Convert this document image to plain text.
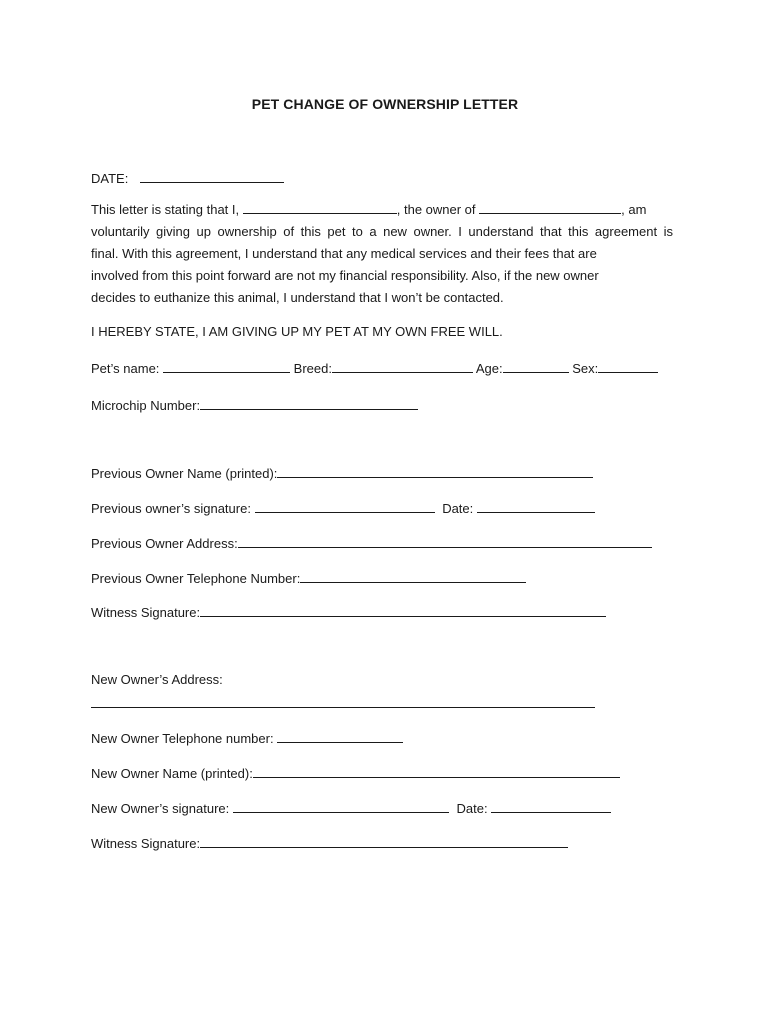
PET CHANGE OF OWNERSHIP LETTER
DATE:
This letter is stating that I,	, the owner of	, am
voluntarily giving up ownership of this pet to a new owner. I understand that this agreement is
final. With this agreement, I understand that any medical services and their fees that are
involved from this point forward are not my financial responsibility. Also, if the new owner
decides to euthanize this animal, I understand that I won’t be contacted.
I HEREBY STATE, I AM GIVING UP MY PET AT MY OWN FREE WILL.
Pet’s name:	Breed:	Age:	Sex:
Microchip Number:
Previous Owner Name (printed):
Previous owner’s signature:	Date:
Previous Owner Address:
Previous Owner Telephone Number:
Witness Signature:
New Owner’s Address:
New Owner Telephone number:
New Owner Name (printed):
New Owner’s signature:	Date:
Witness Signature:
